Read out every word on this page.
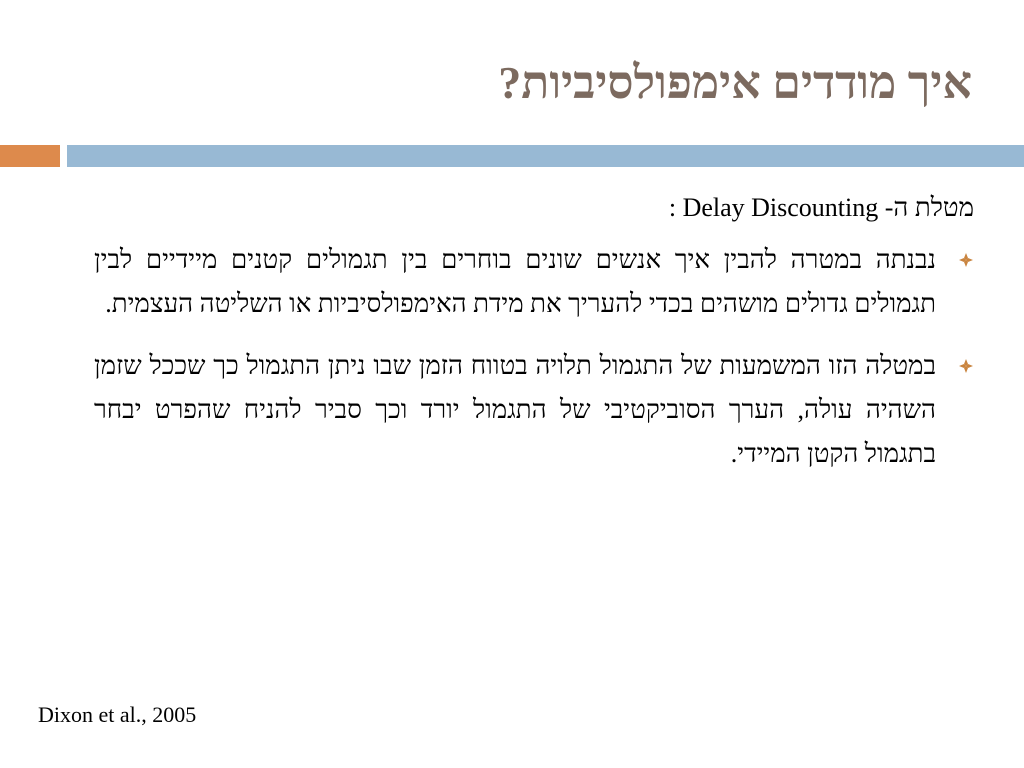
איך מודדים אימפולסיביות?
מטלת ה- Delay Discounting :
נבנתה במטרה להבין איך אנשים שונים בוחרים בין תגמולים קטנים מיידיים לבין תגמולים גדולים מושהים בכדי להעריך את מידת האימפולסיביות או השליטה העצמית.
במטלה הזו המשמעות של התגמול תלויה בטווח הזמן שבו ניתן התגמול כך שככל שזמן השהיה עולה, הערך הסוביקטיבי של התגמול יורד וכך סביר להניח שהפרט יבחר בתגמול הקטן המיידי.
Dixon et al., 2005
